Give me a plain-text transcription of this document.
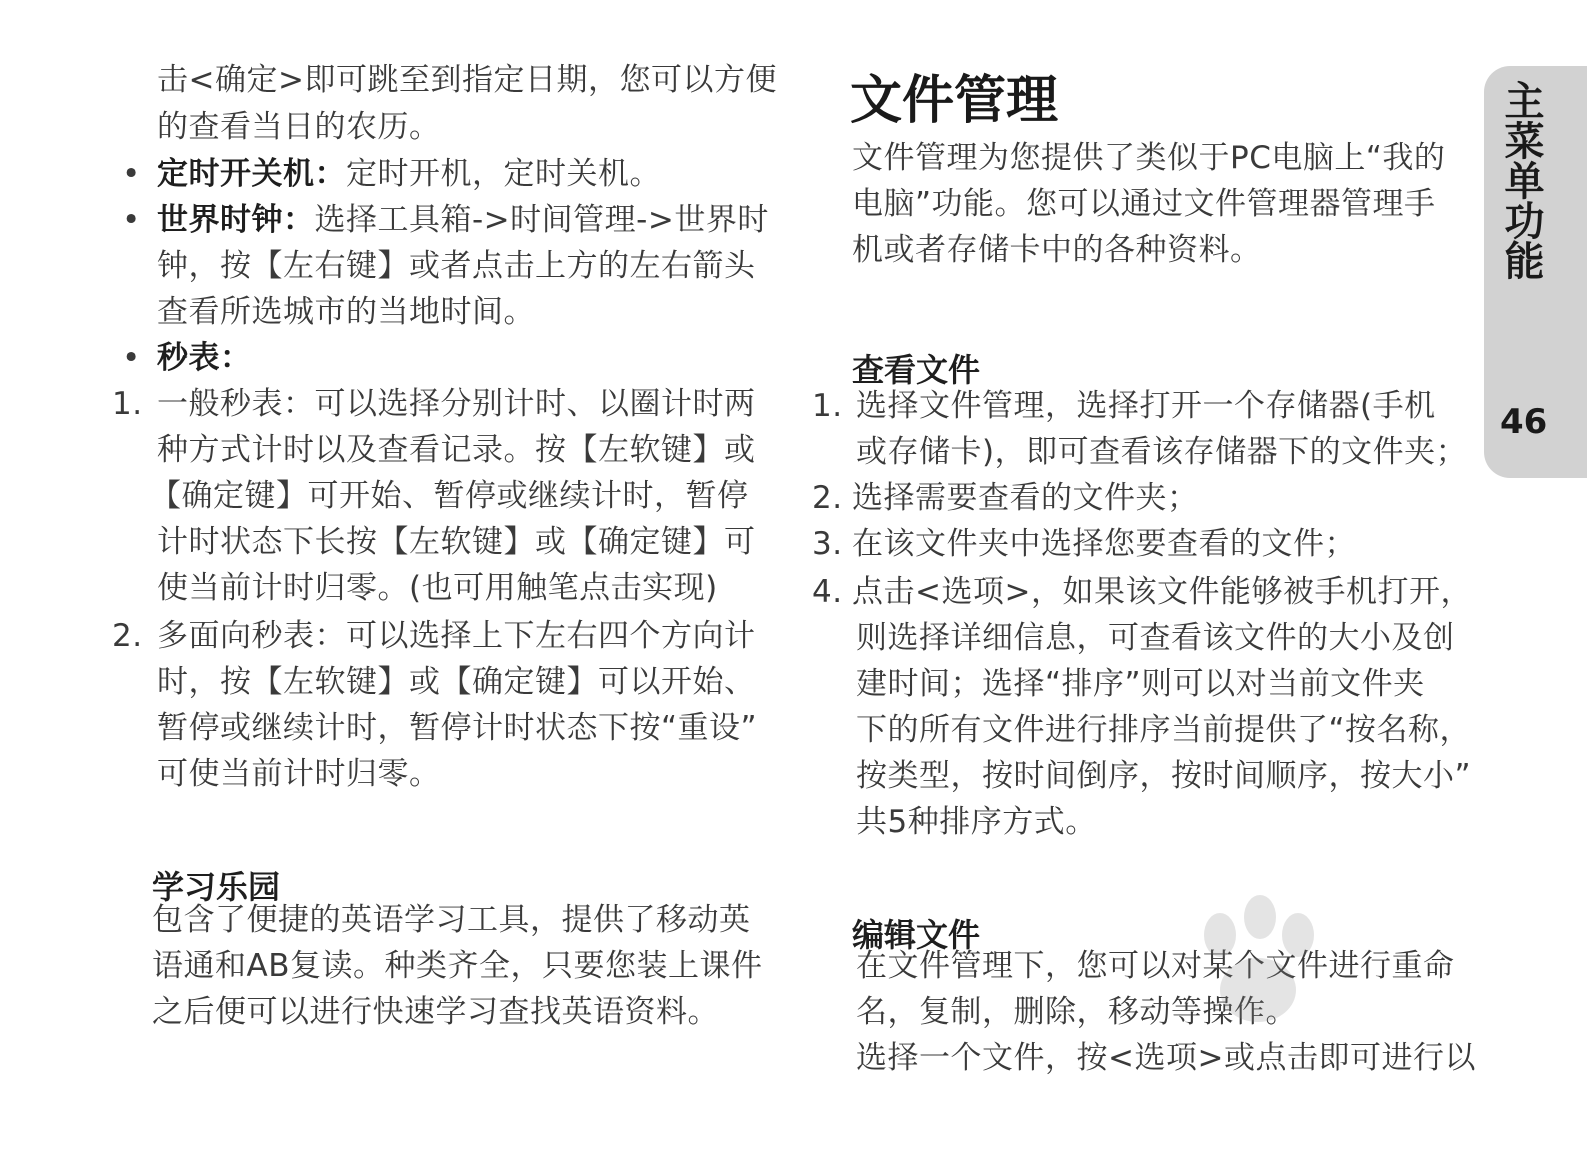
击<确定>即可跳至到指定日期，您可以方便
的查看当日的农历。
• 定时开关机：定时开机，定时关机。
• 世界时钟：选择工具箱->时间管理->世界时
钟，按【左右键】或者点击上方的左右箭头
查看所选城市的当地时间。
• 秒表：
1. 一般秒表：可以选择分别计时、以圈计时两
种方式计时以及查看记录。按【左软键】或
【确定键】可开始、暂停或继续计时，暂停
计时状态下长按【左软键】或【确定键】可
使当前计时归零。(也可用触笔点击实现)
2. 多面向秒表：可以选择上下左右四个方向计
时，按【左软键】或【确定键】可以开始、
暂停或继续计时，暂停计时状态下按“重设”
可使当前计时归零。
学习乐园
包含了便捷的英语学习工具，提供了移动英
语通和AB复读。种类齐全，只要您装上课件
之后便可以进行快速学习查找英语资料。
文件管理
文件管理为您提供了类似于PC电脑上“我的
电脑”功能。您可以通过文件管理器管理手
机或者存储卡中的各种资料。
查看文件
1. 选择文件管理，选择打开一个存储器(手机
或存储卡)，即可查看该存储器下的文件夹；
2. 选择需要查看的文件夹；
3. 在该文件夹中选择您要查看的文件；
4. 点击<选项>，如果该文件能够被手机打开，
则选择详细信息，可查看该文件的大小及创
建时间；选择“排序”则可以对当前文件夹
下的所有文件进行排序当前提供了“按名称，
按类型，按时间倒序，按时间顺序，按大小”
共5种排序方式。
编辑文件
在文件管理下，您可以对某个文件进行重命
名，复制，删除，移动等操作。
选择一个文件，按<选项>或点击即可进行以
主菜单功能
46
